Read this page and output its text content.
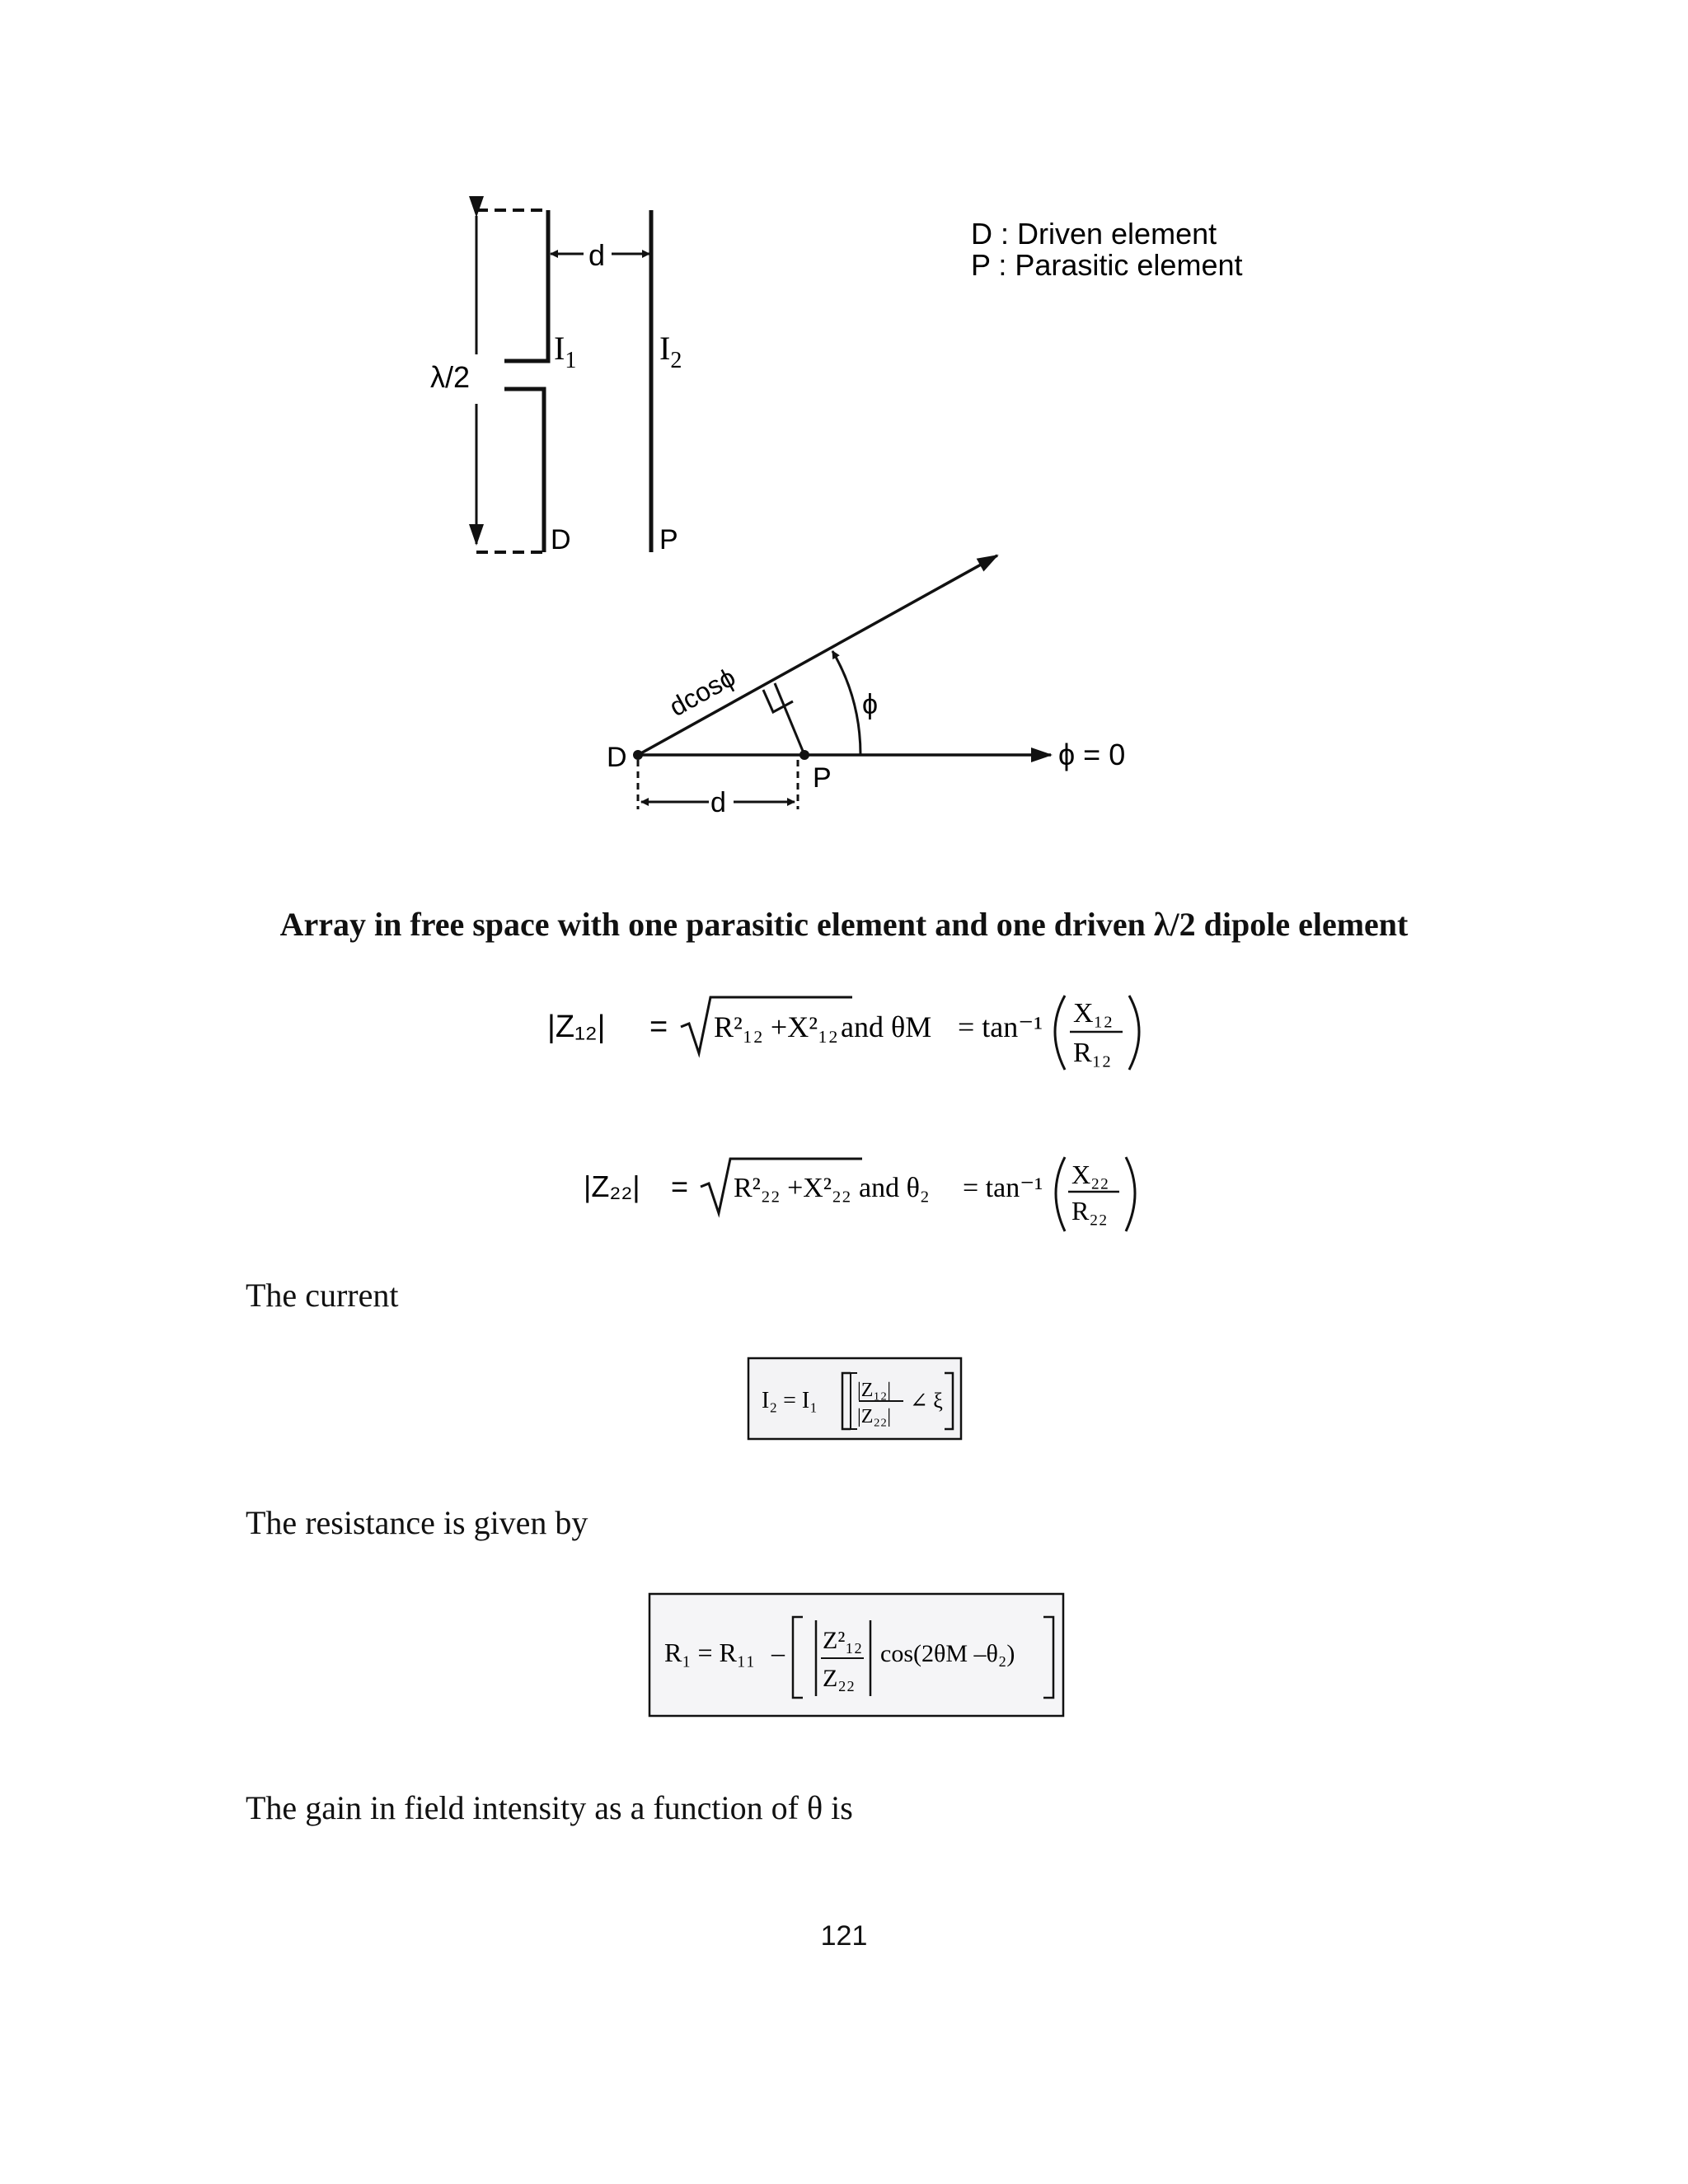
d
$I_1$	$I_2$
λ/2
D	P
D : Driven element
P : Parasitic element
D
P
d
dcosϕ	ϕ
ϕ = 0
Array in free space with one parasitic element and one driven λ/2 dipole element
|Z₁₂| = R²₁₂ +X²₁₂ and θM = tan⁻¹ X₁₂
R₁₂
|Z₂₂| = R²₂₂ +X²₂₂ and θ₂ = tan⁻¹ X₂₂
R₂₂
The current
I₂ = I₁ |Z₁₂|
|Z₂₂|
∠ ξ
The resistance is given by
R₁ = R₁₁ – Z²₁₂
Z₂₂
cos(2θM –θ₂)
The gain in field intensity as a function of θ is
121
